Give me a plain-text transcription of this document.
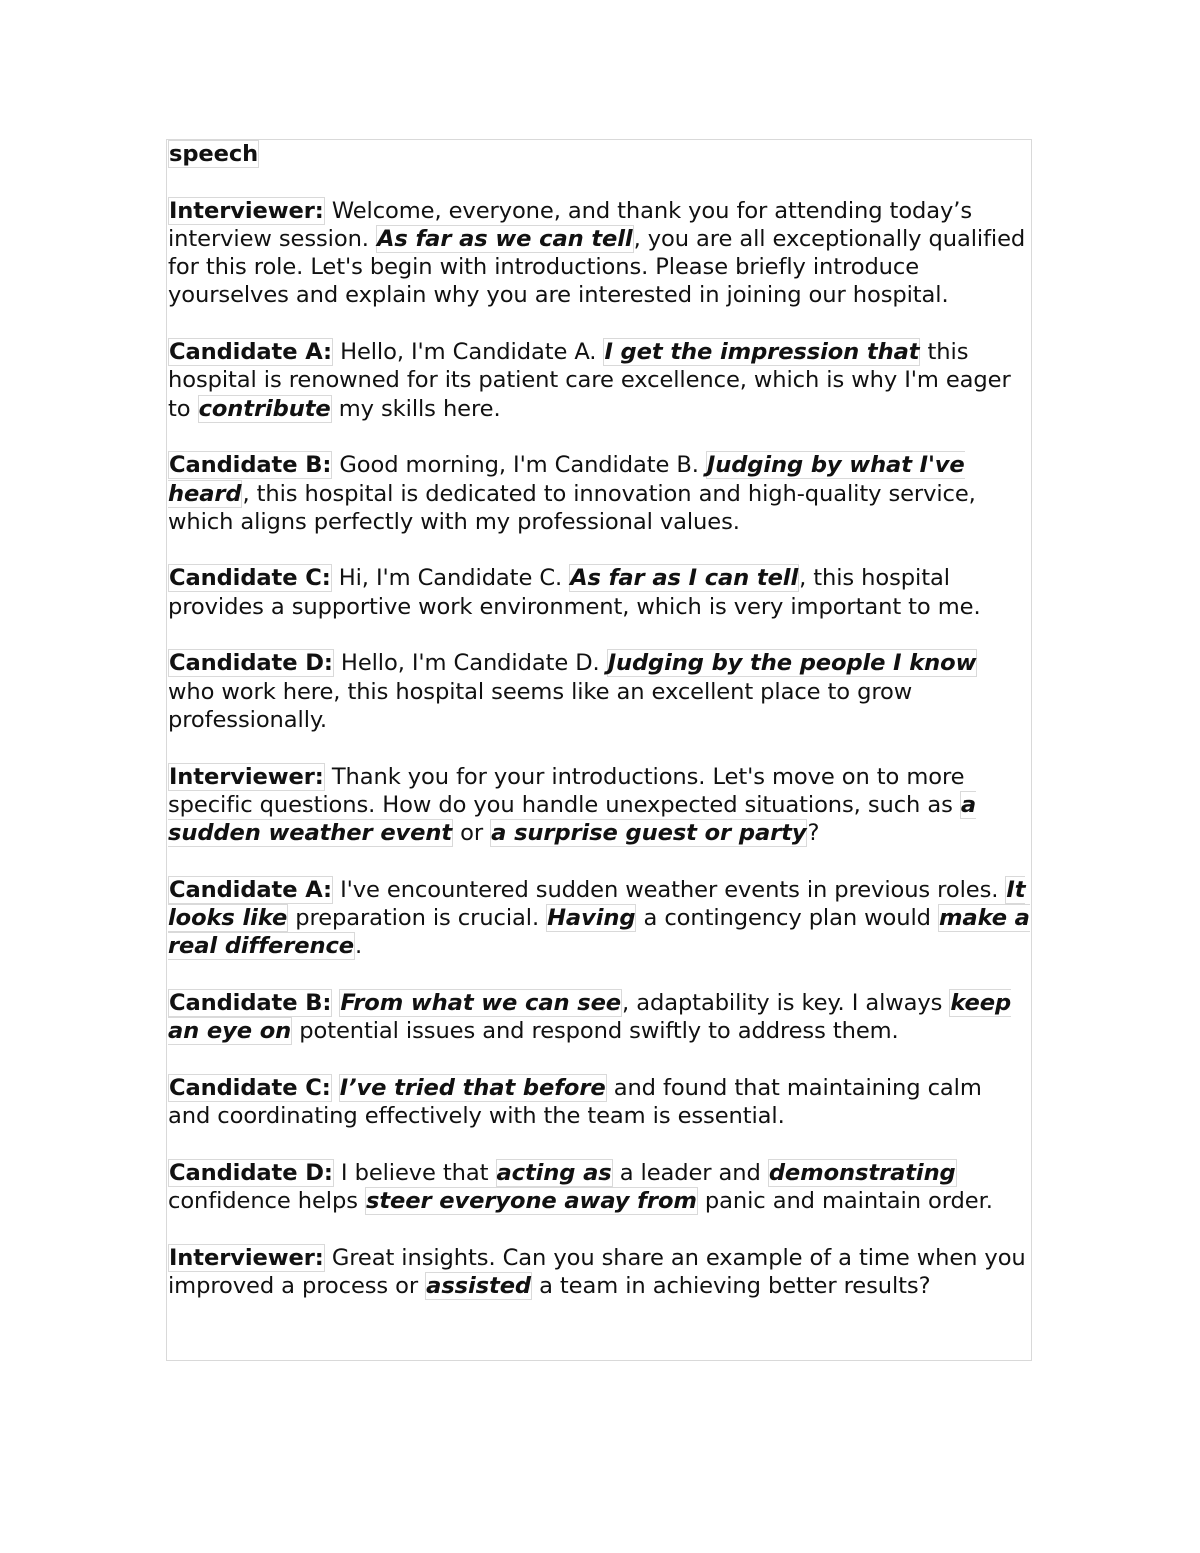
speech
Interviewer: Welcome, everyone, and thank you for attending today’s interview session. As far as we can tell, you are all exceptionally qualified for this role. Let's begin with introductions. Please briefly introduce yourselves and explain why you are interested in joining our hospital.
Candidate A: Hello, I'm Candidate A. I get the impression that this hospital is renowned for its patient care excellence, which is why I'm eager to contribute my skills here.
Candidate B: Good morning, I'm Candidate B. Judging by what I've heard, this hospital is dedicated to innovation and high-quality service, which aligns perfectly with my professional values.
Candidate C: Hi, I'm Candidate C. As far as I can tell, this hospital provides a supportive work environment, which is very important to me.
Candidate D: Hello, I'm Candidate D. Judging by the people I know who work here, this hospital seems like an excellent place to grow professionally.
Interviewer: Thank you for your introductions. Let's move on to more specific questions. How do you handle unexpected situations, such as a sudden weather event or a surprise guest or party?
Candidate A: I've encountered sudden weather events in previous roles. It looks like preparation is crucial. Having a contingency plan would make a real difference.
Candidate B: From what we can see, adaptability is key. I always keep an eye on potential issues and respond swiftly to address them.
Candidate C: I’ve tried that before and found that maintaining calm and coordinating effectively with the team is essential.
Candidate D: I believe that acting as a leader and demonstrating confidence helps steer everyone away from panic and maintain order.
Interviewer: Great insights. Can you share an example of a time when you improved a process or assisted a team in achieving better results?
